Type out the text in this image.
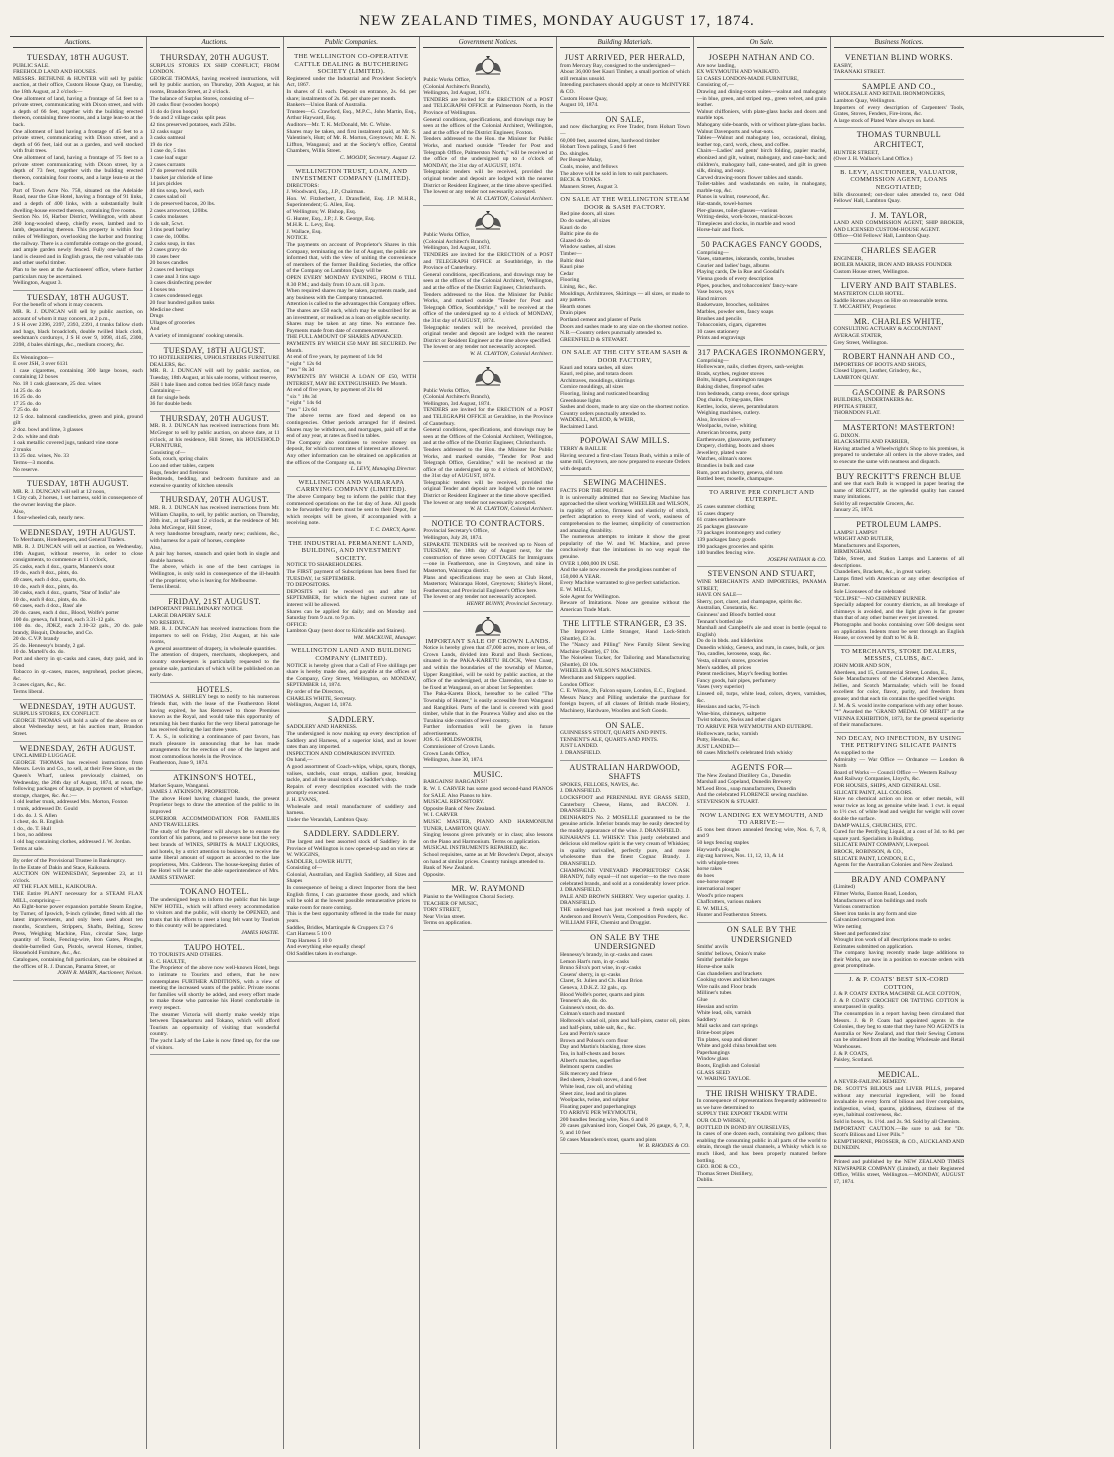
NEW ZEALAND TIMES, MONDAY AUGUST 17, 1874.
Auctions.
TUESDAY, 18TH AUGUST.
PUBLIC SALE.
FREEHOLD LAND AND HOUSES.
MESSRS. BETHUNE & HUNTER will sell by public auction, at their office, Custom House Quay, on Tuesday, the 18th August, at 2 o'clock—
One allotment of land, having a frontage of 54 feet to a private street, communicating with Dixon street, and with a depth of 66 feet, together with the building erected thereon, containing three rooms, and a large lean-to at the back.
One allotment of land having a frontage of 45 feet to a private street, communicating with Dixon street, and a depth of 66 feet, laid out as a garden, and well stocked with fruit trees.
One allotment of land, having a frontage of 75 feet to a private street communicating with Dixon street, by a depth of 73 feet, together with the building erected thereon, containing four rooms, and a large lean-to at the back.
Part of Town Acre No. 758, situated on the Adelaide Road, near the Glue Hotel, having a frontage of 91 links, and a depth of 400 links, with a substantially built dwelling-house erected thereon, containing five rooms.
Section No. 16, Harbor District, Wellington, with about 260 long-wooled sheep, chiefly ewes, lambed and to lamb, depasturing thereon. This property is within four miles of Wellington, overlooking the harbor and fronting the railway. There is a comfortable cottage on the ground, and ample garden newly fenced. Fully one-half of the land is cleared and in English grass, the rest valuable rata and other useful timber.
Plan to be seen at the Auctioneers' office, where further particulars may be ascertained.
Wellington, August 3.
TUESDAY, 18TH AUGUST.
For the benefit of whom it may concern.
MR. R. J. DUNCAN will sell by public auction, on account of whom it may concern, at 2 p.m.,
J S H over 2396, 2397, 2393, 2391, 4 trunks fallow cloth and bags, black broadcloth, double twilled black cloth, seedsman's corduroys, J S H over 9, 1098, 4145, 2300, 2398, 4 bales shirtings, &c., medium crocery, &c.
Ex Wennington—
E over JSH, 3 over 6131
1 case cigarettes, containing 300 large boxes, each containing 12 boxes
No. 18 1 cask glassware, 25 doz. wines
14 25 do. do
16 25 do. do
17 25 do. do
7 25 do. do
12 5 doz. balmoral candlesticks, green and pink, ground gilt
2 doz. bowl and lime, 3 glasses
2 do. white and drab
1 oak metallic covered jugs, tankard vine stone
2 trunks
13 25 doz. wines, No. 33
Terms—3 months.
No reserve.
TUESDAY, 18TH AUGUST.
MR. R. J. DUNCAN will sell at 12 noon,
1 City cab, 2 horses, 1 set harness, sold in consequence of the owner leaving the place.
Also,
1 four-wheeled cab, nearly new.
WEDNESDAY, 19TH AUGUST.
To Merchants, Hotelkeepers, and General Traders.
MR. R. J. DUNCAN will sell at auction, on Wednesday, 19th August, without reserve, in order to close consignments, to commence at 11 o'clock,
25 casks, each 4 doz., quarts, Manners's stout
19 do., each 8 doz., pints, do.
40 cases, each 4 doz., quarts, do.
10 do., each 8 doz., pints, do.
30 casks, each 4 doz., quarts, "Star of India" ale
10 do., each 8 doz., pints, do. do.
60 cases, each 4 doz., Bass' ale
20 do. cases, each 4 doz., Blood, Wolfe's porter
100 do. geneva, full brand, each 3.31-12 gals.
100 do. do., JDKZ, each 2.10-32 gals., 20 do. pale brandy, Bisquit, Dubouche, and Co.
20 do. C.V.P. brandy
25 do. Hennessy's brandy, 2 gal.
10 do. Martell's do. do.
Port and sherry in qr.-casks and cases, duty paid, and in bond
Tobacco in qr.-cases, maces, negrohead, pocket pieces, &c.
3 cases cigars, &c., &c.
Terms liberal.
WEDNESDAY, 19TH AUGUST.
SURPLUS STORES, EX CONFLICT.
GEORGE THOMAS will hold a sale of the above on or about Wednesday next, at his auction mart, Brandon Street.
WEDNESDAY, 26TH AUGUST.
UNCLAIMED LUGGAGE.
GEORGE THOMAS has received instructions from Messrs. Levin and Co., to sell, at their Free Store, on the Queen's Wharf, unless previously claimed, on Wednesday, the 26th day of August, 1874, at noon, the following packages of luggage, in payment of wharfage, storage, charges, &c. &c.:—
1 old leather trunk, addressed Mrs. Morton, Foxton
1 trunk, addressed Dr. Gould
1 do. do. J. S. Allen
1 chest, do. R. English
1 do., do. T. Hull
1 box, no address
1 old bag containing clothes, addressed J. W. Jordan.
Terms at sale.
By order of the Provisional Trustee in Bankruptcy.
In the Estate of Dakin and Stace, Kaikoura.
AUCTION ON WEDNESDAY, September 23, at 11 o'clock.
AT THE FLAX MILL, KAIKOURA.
THE Entire PLANT necessary for a STEAM FLAX MILL, comprising—
An Eight-horse power expansion portable Steam Engine, by Turner, of Ipswich, 9-inch cylinder, fitted with all the latest improvements, and only been used about ten months, Scutchers, Strippers, Shafts, Belting, Screw Press, Weighing Machine, Flax, circular Saw, large quantity of Tools, Fencing-wire, Iron Gates, Ploughs, double-barrelled Gun, Pistols, several Horses, timber, Household Furniture, &c., &c.
Catalogues, containing full particulars, can be obtained at the offices of R. J. Duncan, Panama Street, or
JOHN R. MABIN, Auctioneer, Nelson.
Auctions.
THURSDAY, 20TH AUGUST.
SURPLUS STORES EX SHIP CONFLICT, FROM LONDON.
GEORGE THOMAS, having received instructions, will sell by public auction, on Thursday, 20th August, at his rooms, Brandon Street, at 2 o'clock.
The balance of Surplus Stores, consisting of—
20 casks flour (wooden hoops)
11 do do (iron hoops)
9 do and 2 village casks split peas
42 tins preserved potatoes, each 25lbs.
12 casks sugar
3 casks oatmeal
19 do rice
1 case do, 5 tins
1 case loaf sugar
2 cases currants
17 do preserved milk
1 basket jar chloride of lime
14 jars pickles
40 tins soup, bowl, each
2 cases salad oil
1 do preserved bacon, 20 lbs.
2 cases arrowroot, 120lbs.
5 casks molasses
1 do salt, 5cwt.
3 tins pearl barley
1 case do, 100lbs.
2 casks soup, in tins
2 cases gravy do
10 cases beer
20 boxes candles
2 cases red herrings
1 case anal 3 tins sago
3 cases disinfecting powder
4 boxes tea
3 cases condensed eggs
20 four hundred gallon tanks
Medicine chest
Drugs
Ullages of groceries
And
A variety of immigrants' cooking utensils.
TUESDAY, 18TH AUGUST.
TO HOTELKEEPERS, UPHOLSTERERS FURNITURE DEALERS, &c.
MR. R. J. DUNCAN will sell by public auction, on Tuesday, 18th August, at his sale rooms, without reserve,
JSH 1 bale linen and cotton bed ties 1658 fancy made
Containing—
48 for single beds
36 for double beds
THURSDAY, 20TH AUGUST.
MR. R. J. DUNCAN has received instructions from Mr. McGregor to sell by public auction, on above date, at 11 o'clock, at his residence, Hill Street, his HOUSEHOLD FURNITURE,
Consisting of—
Sofa, couch, spring chairs
Loo and other tables, carpets
Rugs, fender and fireirons
Bedsteads, bedding, and bedroom furniture and an extensive quantity of kitchen utensils
THURSDAY, 20TH AUGUST.
MR. R. J. DUNCAN has received instructions from Mr. William Chaplin, to sell, by public auction, on Thursday, 20th inst., at half-past 12 o'clock, at the residence of Mr. John McGregor, Hill Street,
A very handsome brougham, nearly new; cushions, &c., with harness for a pair of horses, complete
Also,
A pair bay horses, staunch and quiet both in single and double harness.
The above, which is one of the best carriages in Wellington, is only sold in consequence of the ill-health of the proprietor, who is leaving for Melbourne.
Terms liberal.
FRIDAY, 21ST AUGUST.
IMPORTANT PRELIMINARY NOTICE
LARGE DRAPERY SALE
NO RESERVE.
MR. R. J. DUNCAN has received instructions from the importers to sell on Friday, 21st August, at his sale rooms,
A general assortment of drapery, in wholesale quantities.
The attention of drapers, merchants, shopkeepers, and country storekeepers is particularly requested to the genuine sale, particulars of which will be published on an early date.
HOTELS.
THOMAS A. SHIRLEY begs to notify to his numerous friends that, with the lease of the Featherston Hotel having expired, he has Removed to those Premises known as the Royal, and would take this opportunity of returning his best thanks for the very liberal patronage he has received during the last three years.
T. A. S., in soliciting a continuance of past favors, has much pleasure in announcing that he has made arrangements for the erection of one of the largest and most commodious hotels in the Province.
Featherston, June 9, 1874.
ATKINSON'S HOTEL,
Market Square, Wanganui.
JAMES J. ATKINSON, PROPRIETOR.
The above Hotel having changed hands, the present Proprietor begs to draw the attention of the public to its improved
SUPERIOR ACCOMMODATION FOR FAMILIES AND TRAVELLERS.
The study of the Proprietor will always be to ensure the comfort of his patrons, and to preserve none but the very best brands of WINES, SPIRITS & MALT LIQUORS, and hotels, by a strict attention to business, to receive the same liberal amount of support as accorded to the late proprietress, Mrs. Calderon. The house-keeping duties of the Hotel will be under the able superintendence of Mrs. JAMES STEWART.
TOKANO HOTEL.
The undersigned begs to inform the public that his large NEW HOTEL, which will afford every accommodation to visitors and the public, will shortly be OPENED, and trusts that his efforts to meet a long felt want by Tourists to this country will be appreciated.
JAMES HASTIE.
TAUPO HOTEL.
TO TOURISTS AND OTHERS.
R. C. HAULTE,
The Proprietor of the above now well-known Hotel, begs to intimate to Tourists and others, that he now contemplates FURTHER ADDITIONS, with a view of meeting the increased wants of the public. Private rooms for families will shortly be added, and every effort made to make those who patronise his Hotel comfortable in every respect.
The steamer Victoria will shortly make weekly trips between Tapuaeharuru and Tokano, which will afford Tourists an opportunity of visiting that wonderful country.
The yacht Lady of the Lake is now fitted up, for the use of visitors.
Public Companies.
THE WELLINGTON CO-OPERATIVE CATTLE DEALING & BUTCHERING SOCIETY (LIMITED).
Registered under the Industrial and Provident Society's Act, 1867.
In shares of £1 each. Deposit on entrance, 2s. 6d. per share; instalments of 2s. 6d. per share per month.
Bankers—Union Bank of Australia.
Trustees—G. Crawford, Esq., M.P.C., John Martin, Esq., Arthur Hayward, Esq.
Auditors—Mr. T. K. McDonald, Mr. C. White.
Shares may be taken, and first instalment paid, at Mr. S. Valentine's, Hutt; of Mr. R. Morton, Greytown; Mr. E. N. Liffton, Wanganui; and at the Society's office, Central Chambers, Willis Street.
C. MOODY, Secretary. August 12.
WELLINGTON TRUST, LOAN, AND INVESTMENT COMPANY (LIMITED).
DIRECTORS:
J. Woodward, Esq., J.P., Chairman.
Hon. W. Fitzherbert, J. Dransfield, Esq. J.P. M.H.R., Superintendent; G. Allen, Esq.
of Wellington; W. Bishop, Esq.
G. Hunter, Esq., J.P.; J. R. George, Esq.
M.H.R. L. Levy, Esq.
J. Wallace, Esq.
NOTICE.
The payments on account of Proprietor's Shares in this Company, terminating on the 1st of August, the public are informed that, with the view of uniting the convenience of members of the former Building Societies, the office of the Company on Lambton Quay will be
OPEN EVERY MONDAY EVENING, FROM 6 TILL 8.30 P.M.; and daily from 10 a.m. till 3 p.m.
When required shares may be taken, payments made, and any business with the Company transacted.
Attention is called to the advantages this Company offers.
The shares are £50 each, which may be subscribed for as an investment, or realised as a loan on eligible security.
Shares may be taken at any time. No entrance fee. Payments made from date of commencement.
THE FULL AMOUNT OF SHARES ADVANCED.
PAYMENTS BY WHICH £50 MAY BE SECURED. Per Month.
At end of five years, by payment of 14s 9d
" eight " 12s 6d
" ten " 8s 3d
PAYMENTS BY WHICH A LOAN OF £50, WITH INTEREST, MAY BE EXTINGUISHED. Per Month.
At end of five years, by payment of 21s 0d
" six " 18s 3d
" eight " 14s 6d
" ten " 12s 6d
The above terms are fixed and depend on no contingencies. Other periods arranged for if desired. Shares may be withdrawn, and mortgages, paid off at the end of any year, at rates as fixed in tables.
The Company also continues to receive money on deposit, for which current rates of interest are allowed.
Any other information can be obtained on application at the offices of the Company on, to
L. LEVY, Managing Director.
WELLINGTON AND WAIRARAPA CARRYING COMPANY (LIMITED).
The above Company beg to inform the public that they commenced operations on the 1st day of June. All goods to be forwarded by them must be sent to their Depot, for which receipts will be given, if accompanied with a receiving note.
T. C. DARCY, Agent.
THE INDUSTRIAL PERMANENT LAND, BUILDING, AND INVESTMENT SOCIETY.
NOTICE TO SHAREHOLDERS.
The FIRST payment of Subscriptions has been fixed for TUESDAY, 1st SEPTEMBER.
TO DEPOSITORS.
DEPOSITS will be received on and after 1st SEPTEMBER, for which the highest current rate of interest will be allowed.
Shares can be applied for daily; and on Monday and Saturday from 9 a.m. to 9 p.m.
OFFICE:
Lambton Quay (next door to Kirkcaldie and Staines).
WM. MACKUNE, Manager.
WELLINGTON LAND AND BUILDING COMPANY (LIMITED).
NOTICE is hereby given that a Call of Five shillings per share is hereby made due, and payable at the offices of the Company, Grey Street, Wellington, on MONDAY, SEPTEMBER 14, 1874.
By order of the Directors,
CHARLES WHITE, Secretary.
Wellington, August 14, 1874.
SADDLERY.
SADDLERY AND HARNESS.
The undersigned is now making up every description of Saddlery and Harness, of a superior kind, and at lower rates than any imported.
INSPECTION AND COMPARISON INVITED.
On hand,—
A good assortment of Coach-whips, whips, spurs, thongs, valises, satchels, coat straps, stallion gear, breaking tackle, and all the usual stock of a Saddler's shop.
Repairs of every description executed with the trade promptly executed.
J. H. EVANS,
Wholesale and retail manufacturer of saddlery and harness.
Under the Verandah, Lambton Quay.
SADDLERY. SADDLERY.
The largest and best assorted stock of Saddlery in the Province of Wellington is now opened-up and on view at
W. WIGGINS,
SADDLER, LOWER HUTT,
Consisting of—
Colonial, Australian, and English Saddlery, all Sizes and Shapes
In consequence of being a direct Importer from the best English firms, I can guarantee those goods, and which will be sold at the lowest possible remunerative prices to make room for more coming.
This is the best opportunity offered in the trade for many years.
Saddles, Bridles, Martingale & Cruppers £3 7 6
Cart Harness 5 10 0
Trap Harness 5 10 0
And everything else equally cheap!
Old Saddles taken in exchange.
Government Notices.
Public Works Office,
(Colonial Architect's Branch),
Wellington, 3rd August, 1874.
TENDERS are invited for the ERECTION of a POST and TELEGRAPH OFFICE at Palmerston North, in the Province of Wellington.
General conditions, specifications, and drawings may be seen at the offices of the Colonial Architect, Wellington, and at the office of the District Engineer, Foxton.
Tenders addressed to the Hon. the Minister for Public Works, and marked outside "Tender for Post and Telegraph Office, Palmerston North," will be received at the office of the undersigned up to 4 o'clock of MONDAY, the 31st day of AUGUST, 1874.
Telegraphic tenders will be received, provided the original tender and deposit are lodged with the nearest District or Resident Engineer, at the time above specified.
The lowest or any tender not necessarily accepted.
W. H. CLAYTON, Colonial Architect.
Public Works Office,
(Colonial Architect's Branch),
Wellington, 3rd August, 1874.
TENDERS are invited for the ERECTION of a POST and TELEGRAPH OFFICE at Southbridge, in the Province of Canterbury.
General conditions, specifications, and drawings may be seen at the offices of the Colonial Architect, Wellington, and at the office of the District Engineer, Christchurch.
Tenders addressed to the Hon. the Minister for Public Works, and marked outside "Tender for Post and Telegraph Office, Southbridge," will be received at the office of the undersigned up to 4 o'clock of MONDAY, the 31st day of AUGUST, 1874.
Telegraphic tenders will be received, provided the original tender and deposit are lodged with the nearest District or Resident Engineer at the time above specified.
The lowest or any tender not necessarily accepted.
W. H. CLAYTON, Colonial Architect.
Public Works Office,
(Colonial Architect's Branch),
Wellington, 3rd August, 1874.
TENDERS are invited for the ERECTION of a POST and TELEGRAPH OFFICE at Geraldine, in the Province of Canterbury.
General conditions, specifications, and drawings may be seen at the Offices of the Colonial Architect, Wellington, and at the office of the District Engineer, Christchurch.
Tenders addressed to the Hon. the Minister for Public Works, and marked outside, "Tender for Post and Telegraph Office, Geraldine," will be received at the office of the undersigned up to 4 o'clock of MONDAY, the 31st day of AUGUST, 1874.
Telegraphic tenders will be received, provided the original Tender and deposit are lodged with the nearest District or Resident Engineer at the time above specified.
The lowest or any tender not necessarily accepted.
W. H. CLAYTON, Colonial Architect.
NOTICE TO CONTRACTORS.
Provincial Secretary's Office,
Wellington, July 28, 1874.
SEPARATE TENDERS will be received up to Noon of TUESDAY, the 18th day of August next, for the construction of three seven COTTAGES for Immigrants—one in Featherston, one in Greytown, and nine in Masterton, Wairarapa district.
Plans and specifications may be seen at Club Hotel, Masterton; Wairarapa Hotel, Greytown; Shirley's Hotel, Featherston; and Provincial Engineer's Office here.
The lowest or any tender not necessarily accepted.
HENRY BUNNY, Provincial Secretary.
IMPORTANT SALE OF CROWN LANDS.
Notice is hereby given that 47,000 acres, more or less, of Crown Lands, divided into Rural and Bush Sections, situated in the PAKA-KARETU BLOCK, West Coast, and within the boundaries of the township of Marton, Upper Rangitikei, will be sold by public auction, at the office of the undersigned, at the Clarendon, on a date to be fixed at Wanganui, on or about 1st September.
The Paka-Karetu Block, hereafter to be called "The Township of Hunter," is easily accessible from Wanganui and Rangitikei. Parts of the land is covered with good timber, while that in the Pourewa Valley and also on the Turakina side consists of level country.
Further information will be given in future advertisements.
JOS. G. HOLDSWORTH,
Commissioner of Crown Lands.
Crown Lands Office,
Wellington, June 30, 1874.
MUSIC.
BARGAINS! BARGAINS!!
R. W. I. CARVER has some good second-hand PIANOS for SALE. Also Pianos to hire.
MUSICAL REPOSITORY.
Opposite Bank of New Zealand.
W. I. CARVER
MUSIC MASTER, PIANO AND HARMONIUM TUNER, LAMBTON QUAY.
Singing lessons given privately or in class; also lessons on the Piano and Harmonium. Terms on application.
MUSICAL INSTRUMENTS REPAIRED, &c.
School requisites, same as at Mr Bowden's Depot, always on hand at similar prices. Country tunings attended to.
Bank of New Zealand.
Opposite.
MR. W. RAYMOND
Pianist to the Wellington Choral Society.
TEACHER OF MUSIC,
TORY STREET,
Near Vivian street.
Terms on application.
Building Materials.
JUST ARRIVED, PER HERALD,
from Mercury Bay, consigned to the undersigned—
About 36,000 feet Kauri Timber, a small portion of which still remains unsold.
Intending purchasers should apply at once to McINTYRE & CO.
Custom House Quay,
August 10, 1874.
ON SALE,
and now discharging ex Free Trader, from Hobart Town—
60,000 feet, assorted sizes, hardwood timber
Hobart Town palings, 5 and 6 feet
Do. shingles.
Per Bosque Malay,
Coals, moise, and fellows
The above will be sold in lots to suit purchasers.
BECK & TONKS.
Manners Street, August 3.
ON SALE AT THE WELLINGTON STEAM DOOR & SASH FACTORY.
Red pine doors, all sizes
Do do sashes, all sizes
Kauri do do
Baltic pine do do
Glazed do do
Window sashes, all sizes
Timber—
Baltic deal
Kauri pine
Cedar
Flooring
Lining, &c., &c.
Mouldings, Architraves, Skirtings — all sizes, or made to any pattern.
Hearth stones
Drain pipes
Portland cement and plaster of Paris
Doors and sashes made to any size on the shortest notice.
N.B.—Country orders punctually attended to.
GREENFIELD & STEWART.
ON SALE AT THE CITY STEAM SASH & DOOR FACTORY,
Kauri and totara sashes, all sizes
Kauri, red pine, and totara doors
Architraves, mouldings, skirtings
Cornice mouldings, all sizes
Flooring, lining and rusticated boarding
Greenhouse lights
Sashes and doors, made to any size on the shortest notice.
Country orders punctually attended to.
WADDELL, M'LEOD, & WEIR,
Reclaimed Land.
POPOWAI SAW MILLS.
TERRY & BAILLIE
Having secured a first-class Totara Bush, within a mile of same mill, Greytown, are now prepared to execute Orders with despatch.
SEWING MACHINES.
FACTS FOR THE PEOPLE
It is universally admitted that no Sewing Machine has approached the silent working WHEELER and WILSON, in rapidity of action, firmness and elasticity of stitch, perfect adaptation to every kind of work, easiness of comprehension to the learner, simplicity of construction and amazing durability.
The numerous attempts to imitate it show the great popularity of the W. and W. Machine, and prove conclusively that the imitations in no way equal the genuine.
OVER 1,000,000 IN USE.
And the sale now exceeds the prodigious number of
150,000 A YEAR.
Every Machine warranted to give perfect satisfaction.
E. W. MILLS,
Sole Agent for Wellington.
Beware of Imitations. None are genuine without the American Trade Mark.
THE LITTLE STRANGER, £3 3S.
The Improved Little Stranger, Hand Lock-Stitch (Shuttle), £3 3s.
The "Nancy and Pilling" New Family Silent Sewing Machine (Shuttle), £7 10s.
The Noiseless Tucker, for Tailoring and Manufacturing (Shuttle), £8 10s.
WHEELER & WILSON'S MACHINES.
Merchants and Shippers supplied.
London Office:
C. E. Wilson, 2b, Falcon square, London, E.C., England.
Messrs Nancy and Pilling undertake the purchase for foreign buyers, of all classes of British made Hosiery, Machinery, Hardware, Woollen and Soft Goods.
ON SALE.
GUINNESS'S STOUT, QUARTS AND PINTS.
TENNENT'S ALE, QUARTS AND PINTS.
JUST LANDED.
J. DRANSFIELD.
AUSTRALIAN HARDWOOD, SHAFTS
SPOKES, FELLOES, NAVES, &c.
J. DRANSFIELD.
LOCKSFOOT and PERENNIAL RYE GRASS SEED, Canterbury Cheese, Hams, and BACON. J. DRANSFIELD.
DEINHARD'S No. 2 MOSELLE guaranteed to be the genuine article. Inferior brands may be easily detected by the muddy appearance of the wine. J. DRANSFIELD.
KINAHAN'S LL WHISKY: This justly celebrated and delicious old mellow spirit is the very cream of Whiskies; in quality unrivalled, perfectly pure, and more wholesome than the finest Cognac Brandy. J. DRANSFIELD.
CHAMPAGNE VINEYARD PROPRIETORS' CASK BRANDY, fully equal—if not superior—to the two more celebrated brands, and sold at a considerably lower price. J. DRANSFIELD.
PALE AND BROWN SHERRY. Very superior quality. J. DRANSFIELD.
THE undersigned has just received a fresh supply of Anderson and Brown's Vesta, Composition Powders, &c.
WILLIAM FIFE, Chemist and Druggist.
ON SALE BY THE UNDERSIGNED
Hennessy's brandy, in qr.-casks and cases
Lemon Hart's rum, in qr.-casks
Bruno Silva's port wine, in qr.-casks
Cosens' sherry, in qr.-casks
Claret, St. Julien and Ch. Haut Brion
Geneva, J.D.K.Z. 32 gals., cp.
Blood Wolfe's porter, quarts and pints
Tennent's ale, do. do.
Guinness's stout, do. do.
Colman's starch and mustard
Holbrook's salad oil, pints and half-pints, castor oil, pints and half-pints, table salt, &c., &c.
Lea and Perrin's sauce
Brown and Polson's corn flour
Day and Martin's blacking, three sizes
Tea, in half-chests and boxes
Albert's matches, superfine
Belmont sperm candles
Silk mercery and frieze
Bed sheets, 2-bush stoves, 4 and 6 feet
White lead, raw oil, and whiting
Sheet zinc, lead and tin plates
Woolpacks, twine, and sulphur
Floating paper and paperhangings
TO ARRIVE PER WEYMOUTH,
200 bundles fencing wire, Nos. 6 and 8
20 cases galvanised iron, Gospel Oak, 26 gauge, 6, 7, 8, 9, and 10 feet
50 cases Maunders's stout, quarts and pints
W. B. RHODES & CO.
On Sale.
JOSEPH NATHAN AND CO.
Are now landing,
EX WEYMOUTH AND WAIKATO.
53 CASES LONDON-MADE FURNITURE,
Consisting of,—
Drawing and dining-room suites—walnut and mahogany—in blue, green, and striped rep., green velvet, and grain leather.
Walnut chiffoniers, with plate-glass backs and doors and marble tops.
Mahogany side-boards, with or without plate-glass backs.
Walnut Davenports and what-nots.
Tables—Walnut and mahogany loo, occasional, dining, leather top, card, work, chess, and coffee.
Chairs—Ladies' and gents' birch folding, papier maché, ebonized and gilt, walnut, mahogany, and cane-back; and children's, mahogany hall, cane-seated, and gilt in green silk, dining, and easy.
Carved drawing-room flower tables and stands.
Toilet-tables and washstands en suite, in mahogany, marble-top, &c.
Pianos in walnut, rosewood, &c.
Hat-stands, towel-horses
Pier-glasses, toilet-glasses—various
Writing-desks, work-boxes, musical-boxes
Timepieces and clocks, in marble and wood
Horse-hair and flock.
50 PACKAGES FANCY GOODS,
Comprising—
Vases, statuettes, inkstands, combs, brushes
Courier and ladies' bags, albums
Playing cards, De la Rue and Goodall's
Vienna goods of every description
Pipes, pouches, and tobacconists' fancy-ware
Vase boxes, toys
Hand mirrors
Basketware, brooches, solitaires
Marbles, powder sets, fancy soaps
Brushes and pencils
Tobacconists, cigars, cigarettes
10 cases stationery
Prints and engravings
317 PACKAGES IRONMONGERY,
Comprising—
Hollowware, nails, clothes dryers, sash-weights
Brads, scythes, register stoves
Bolts, hinges, Leamington ranges
Baking dishes, fireproof safes
Iron bedsteads, camp ovens, door springs
Dog chains, frying-pans, files
Kettles, locks, sieves, perambulators
Weighing machines, cutlery.
Also, Invoices of—
Woolpacks, twine, whiting
American brooms, putty
Earthenware, glassware, perfumery
Drapery, clothing, boots and shoes
Jewellery, plated ware
Watches, oilman's stores
Brandies in bulk and case
Rum, port and sherry, geneva, old tom
Bottled beer, moselle, champagne.
TO ARRIVE PER CONFLICT AND EUTERPE.
25 cases summer clothing
15 cases drapery
61 crates earthenware
25 packages glassware
73 packages ironmongery and cutlery
139 packages fancy goods
190 packages groceries and spirits
140 bundles fencing wire.
JOSEPH NATHAN & CO.
STEVENSON AND STUART,
WINE MERCHANTS AND IMPORTERS, PANAMA STREET,
HAVE ON SALE—
Sherry, port, claret, and champagne, spirits &c.
Australian, Constantia, &c.
Guinness' and Blood's bottled stout
Tennant's bottled ale
Marshall and Campbell's ale and stout in bottle (equal to English)
Do do in bbds. and kilderkins
Dunedin whisky, Geneva, and rum, in cases, bulk, or jars
Tea, candles, kerosene, soap, &c.
Vesta, oilman's stores, groceries
Men's saddles, all prices
Patent medicines, Mayr's feeding bottles
Fancy goods, hair pipes, perfumery
Vases (very superior)
Linseed oil, turps, white lead, colors, dryers, varnishes, &c.
Hessians and sacks, 75-inch
Wine-bins, chimneys, saltpetre
Twist tobacco, Swiss and other cigars
TO ARRIVE PER WEYMOUTH AND EUTERPE.
Hollowware, tacks, varnish
Putty, Hessian, &c.
JUST LANDED—
60 cases Mitchell's celebrated Irish whisky
AGENTS FOR—
The New Zealand Distillery Co., Dunedin
Marshall and Copeland, Dunedin Brewery
M'Leod Bros., soap manufacturers, Dunedin
And the celebrated FLORENCE sewing machine.
STEVENSON & STUART.
NOW LANDING EX WEYMOUTH, AND TO ARRIVE:—
45 tons best drawn annealed fencing wire, Nos. 6, 7, 8, and 9
50 kegs fencing staples
Hayward's ploughs
zig-zag harrows, Nos. 11, 12, 13, & 14
with whipple-trees
horse rakes
do hoes
one-horse reaper
international reaper
Wood's price reapers
Chaffcutters, various makers
E. W. MILLS,
Hunter and Featherston Streets.
ON SALE BY THE UNDERSIGNED
Smiths' anvils
Smiths' bellows, Onion's make
Smiths' portable forges
Horse-shoe nails
Gas chandeliers and brackets
Cooking stoves and kitchen ranges
Wire nails and Floor brads
Milliner's tubes
Glue
Hessian and scrim
White lead, oils, varnish
Saddlery
Mail sacks and cart springs
Brine-boot pipes
Tin plates, soup and dinner
White and gold china breakfast sets
Paperhangings
Window glass
Boots, English and Colonial
GLASS SEED
W. WARING TAYLOE.
THE IRISH WHISKY TRADE.
In consequence of representations frequently addressed to us we have determined to
SUPPLY THE EXPORT TRADE WITH
OUR OLD WHISKY,
BOTTLED IN BOND BY OURSELVES,
In cases of one dozen each, containing two gallons; thus enabling the consuming public in all parts of the world to obtain, through the usual channels, a Whisky which is so much liked, and has been properly matured before bottling.
GEO. ROE & CO.,
Thomas Street Distillery,
Dublin.
Business Notices.
VENETIAN BLIND WORKS.
EASBY,
TARANAKI STREET.
SAMPLE AND CO.,
WHOLESALE AND RETAIL IRONMONGERS,
Lambton Quay, Wellington.
Importers of every description of Carpenters' Tools, Grates, Stoves, Fenders, Fire-irons, &c.
A large stock of Plated Ware always on hand.
THOMAS TURNBULL ARCHITECT,
HUNTER STREET,
(Over J. H. Wallace's Land Office.)
B. LEVY, AUCTIONEER, VALUATOR, COMMISSION AGENT, LOANS NEGOTIATED;
bills discounted; out-door sales attended to, next Odd Fellows' Hall, Lambton Quay.
J. M. TAYLOR,
LAND AND COMMISSION AGENT, SHIP BROKER, AND LICENSED CUSTOM-HOUSE AGENT.
Office—Old Fellows' Hall, Lambton Quay.
CHARLES SEAGER
ENGINEER,
BOILER MAKER, IRON AND BRASS FOUNDER
Custom House street, Wellington.
LIVERY AND BAIT STABLES.
MASTERTON CLUB HOTEL.
Saddle Horses always on Hire on reasonable terms.
T. MCCARTHY, Proprietor.
MR. CHARLES WHITE,
CONSULTING ACTUARY & ACCOUNTANT
AVERAGE STATER,
Grey Street, Wellington.
ROBERT HANNAH AND CO.,
IMPORTERS OF BOOTS AND SHOES,
Closed Uppers, Leather, Grindery, &c.,
LAMBTON QUAY.
GASCOINE & PARSONS
BUILDERS, UNDERTAKERS &c.
PIPITEA STREET,
THORNDON FLAT.
MASTERTON! MASTERTON!
G. DIXON.
BLACKSMITH AND FARRIER,
Having attached a Wheelwright's Shop to his premises, is prepared to undertake all orders in the above trades, and to execute the same with neatness and dispatch.
BUY RECKITT'S FRENCH BLUE
and see that each Bulb is wrapped in paper bearing the name of RECKITT, as the splendid quality has caused many imitations.
Sold by all respectable Grocers, &c.
January 25, 1874.
PETROLEUM LAMPS.
LAMPS! LAMPS!!
WRIGHT AND BUTLER,
Manufacturers and Exporters,
BIRMINGHAM.
Table, Street, and Station Lamps and Lanterns of all descriptions.
Chandeliers, Brackets, &c., in great variety.
Lamps fitted with American or any other description of Burner.
Sole Licensees of the celebrated
"ECLIPSE"—NO CHIMNEY BURNER.
Specially adapted for country districts, as all breakage of chimneys is avoided, and the light given is far greater than that of any other burner ever yet invented.
Photographs and books containing over 500 designs sent on application. Indents must be sent through an English House, or covered by draft to W. & B.
TO MERCHANTS, STORE DEALERS, MESSES, CLUBS, &C.
JOHN MOIR AND SON,
Aberdeen, and 15, Commercial Street, London, E.,
Sole Manufacturers of the Celebrated Aberdeen Jams, Jellies, and Scotch Marmalade; which will be found excellent for color, flavor, purity, and freedom from grease; and that each tin contains the specified weight.
J. M. & S. would invite comparison with any other house.
"*" Awarded the "GRAND MEDAL OF MERIT" at the VIENNA EXHIBITION, 1873, for the general superiority of their manufactures.
NO DECAY, NO INFECTION, BY USING THE PETRIFYING SILICATE PAINTS
As supplied to the
Admiralty — War Office — Ordnance — London & North
Board of Works — Council Office — Western Railway
And Railway Companies, Lloyd's, &c.
FOR HOUSES, SHIPS, AND GENERAL USE.
SILICATE PAINT, ALL COLORS.
Have no chemical action on iron or other metals, will wear twice as long as genuine white lead. 1 cwt. is equal to 1½ cwt. of white lead and weight for weight will cover double the surface.
DAMP WALLS, CHURCHES, ETC.
Cured for the Petrifying Liquid, at a cost of 3d. to 8d. per square yard. Specialists in Building.
SILICATE PAINT COMPANY, Liverpool.
BROCK, ROBINSON, & CO.,
SILICATE PAINT, LONDON, E.C.,
Agents for the Australian Colonies and New Zealand.
BRADY AND COMPANY
(Limited)
Filmer Works, Euston Road, London,
Manufacturers of iron buildings and roofs
Various construction
Sheet iron tanks in any form and size
Galvanized corrugated iron
Wire netting
Sheet and perforated zinc
Wrought iron work of all descriptions made to order.
Estimates submitted on application.
The company having recently made large additions to their Works, are now in a position to execute orders with great promptitude.
J. & P. COATS' BEST SIX-CORD COTTON,
J. & P. COATS' EXTRA MACHINE GLACE COTTON,
J. & P. COATS' CROCHET OR TATTING COTTON is unsurpassed in quality.
The consumption in a report having been circulated that Messrs. J. & P. Coats had appointed agents in the Colonies, they beg to state that they have NO AGENTS in Australia or New Zealand, and that their Sewing Cottons can be obtained from all the leading Wholesale and Retail Warehouses.
J. & P. COATS,
Paisley, Scotland.
MEDICAL.
A NEVER-FAILING REMEDY.
DR. SCOTT'S BILIOUS and LIVER PILLS, prepared without any mercurial ingredient, will be found invaluable in every form of bilious and liver complaints, indigestion, wind, spasms, giddiness, dizziness of the eyes, habitual costiveness, &c.
Sold in boxes, 1s. 1½d. and 2s. 9d. Sold by all Chemists.
IMPORTANT CAUTION.—Be sure to ask for "Dr. Scott's Bilious and Liver Pills."
KEMPTHORNE, PROSSER, & CO., AUCKLAND AND DUNEDIN.
Printed and published by the NEW ZEALAND TIMES NEWSPAPER COMPANY (Limited), at their Registered Office, Willis street, Wellington.—MONDAY, AUGUST 17, 1874.
